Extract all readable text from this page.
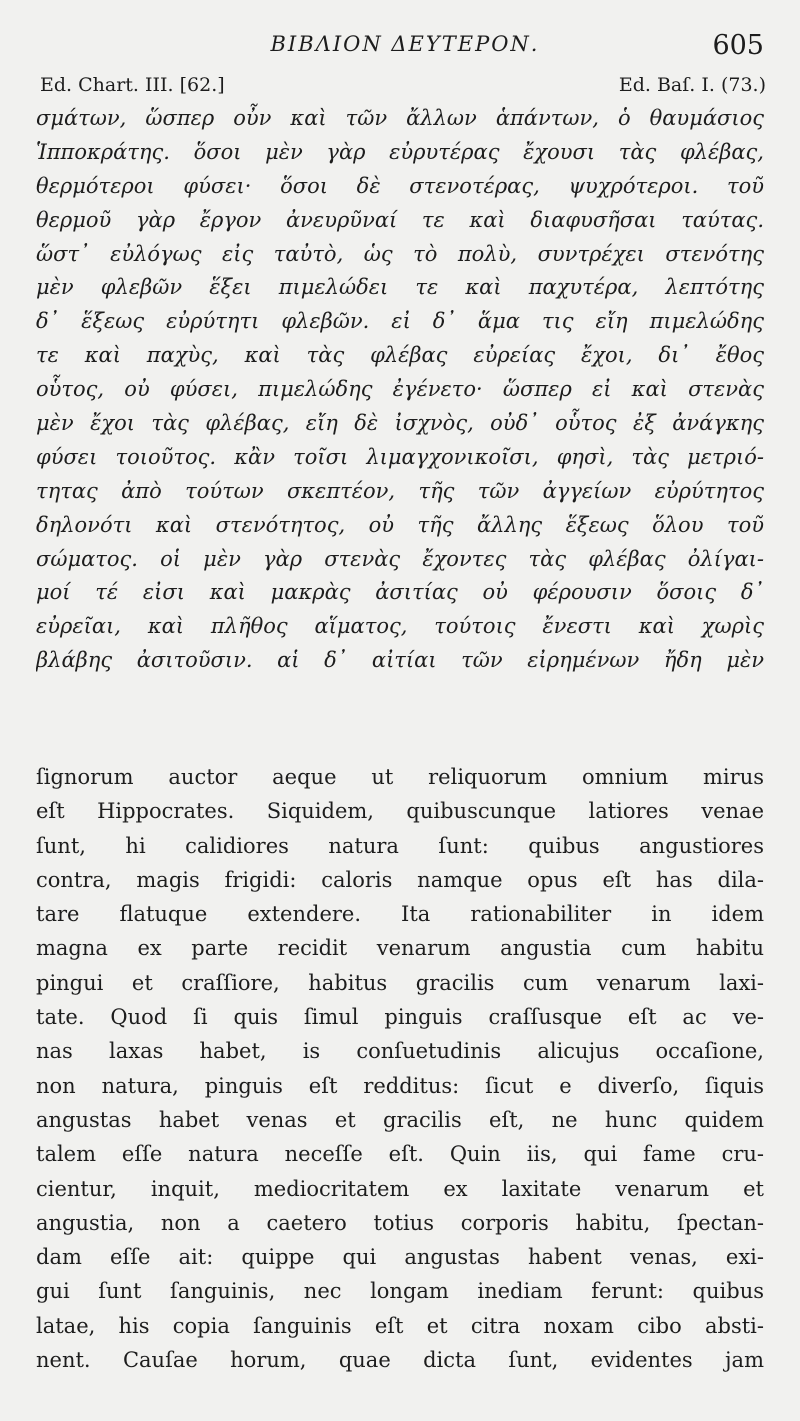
ΒΙΒΛΙΟΝ ΔΕΥΤΕΡΟΝ.	605
Ed. Chart. III. [62.]	Ed. Baſ. I. (73.)
σμάτων, ὥσπερ οὖν καὶ τῶν ἄλλων ἁπάντων, ὁ θαυμάσιος
Ἱπποκράτης. ὅσοι μὲν γὰρ εὐρυτέρας ἔχουσι τὰς φλέβας,
θερμότεροι φύσει· ὅσοι δὲ στενοτέρας, ψυχρότεροι. τοῦ
θερμοῦ γὰρ ἔργον ἀνευρῦναί τε καὶ διαφυσῆσαι ταύτας.
ὥστ᾽ εὐλόγως εἰς ταὐτὸ, ὡς τὸ πολὺ, συντρέχει στενότης
μὲν φλεβῶν ἕξει πιμελώδει τε καὶ παχυτέρα, λεπτότης
δ᾽ ἕξεως εὐρύτητι φλεβῶν. εἰ δ᾽ ἅμα τις εἴη πιμελώδης
τε καὶ παχὺς, καὶ τὰς φλέβας εὐρείας ἔχοι, δι᾽ ἔθος
οὗτος, οὐ φύσει, πιμελώδης ἐγένετο· ὥσπερ εἰ καὶ στενὰς
μὲν ἔχοι τὰς φλέβας, εἴη δὲ ἰσχνὸς, οὐδ᾽ οὗτος ἐξ ἀνάγκης
φύσει τοιοῦτος. κἂν τοῖσι λιμαγχονικοῖσι, φησὶ, τὰς μετριό-
τητας ἀπὸ τούτων σκεπτέον, τῆς τῶν ἀγγείων εὐρύτητος
δηλονότι καὶ στενότητος, οὐ τῆς ἄλλης ἕξεως ὅλου τοῦ
σώματος. οἱ μὲν γὰρ στενὰς ἔχοντες τὰς φλέβας ὀλίγαι-
μοί τέ εἰσι καὶ μακρὰς ἀσιτίας οὐ φέρουσιν ὅσοις δ᾽
εὐρεῖαι, καὶ πλῆθος αἵματος, τούτοις ἔνεστι καὶ χωρὶς
βλάβης ἀσιτοῦσιν. αἱ δ᾽ αἰτίαι τῶν εἰρημένων ἤδη μὲν
ſignorum auctor aeque ut reliquorum omnium mirus
eſt Hippocrates. Siquidem, quibuscunque latiores venae
ſunt, hi calidiores natura ſunt: quibus angustiores
contra, magis frigidi: caloris namque opus eſt has dila-
tare flatuque extendere. Ita rationabiliter in idem
magna ex parte recidit venarum angustia cum habitu
pingui et craſſiore, habitus gracilis cum venarum laxi-
tate. Quod ſi quis ſimul pinguis craſſusque eſt ac ve-
nas laxas habet, is conſuetudinis alicujus occaſione,
non natura, pinguis eſt redditus: ſicut e diverſo, ſiquis
angustas habet venas et gracilis eſt, ne hunc quidem
talem eſſe natura neceſſe eſt. Quin iis, qui fame cru-
cientur, inquit, mediocritatem ex laxitate venarum et
angustia, non a caetero totius corporis habitu, ſpectan-
dam eſſe ait: quippe qui angustas habent venas, exi-
gui ſunt ſanguinis, nec longam inediam ferunt: quibus
latae, his copia ſanguinis eſt et citra noxam cibo absti-
nent. Cauſae horum, quae dicta ſunt, evidentes jam
